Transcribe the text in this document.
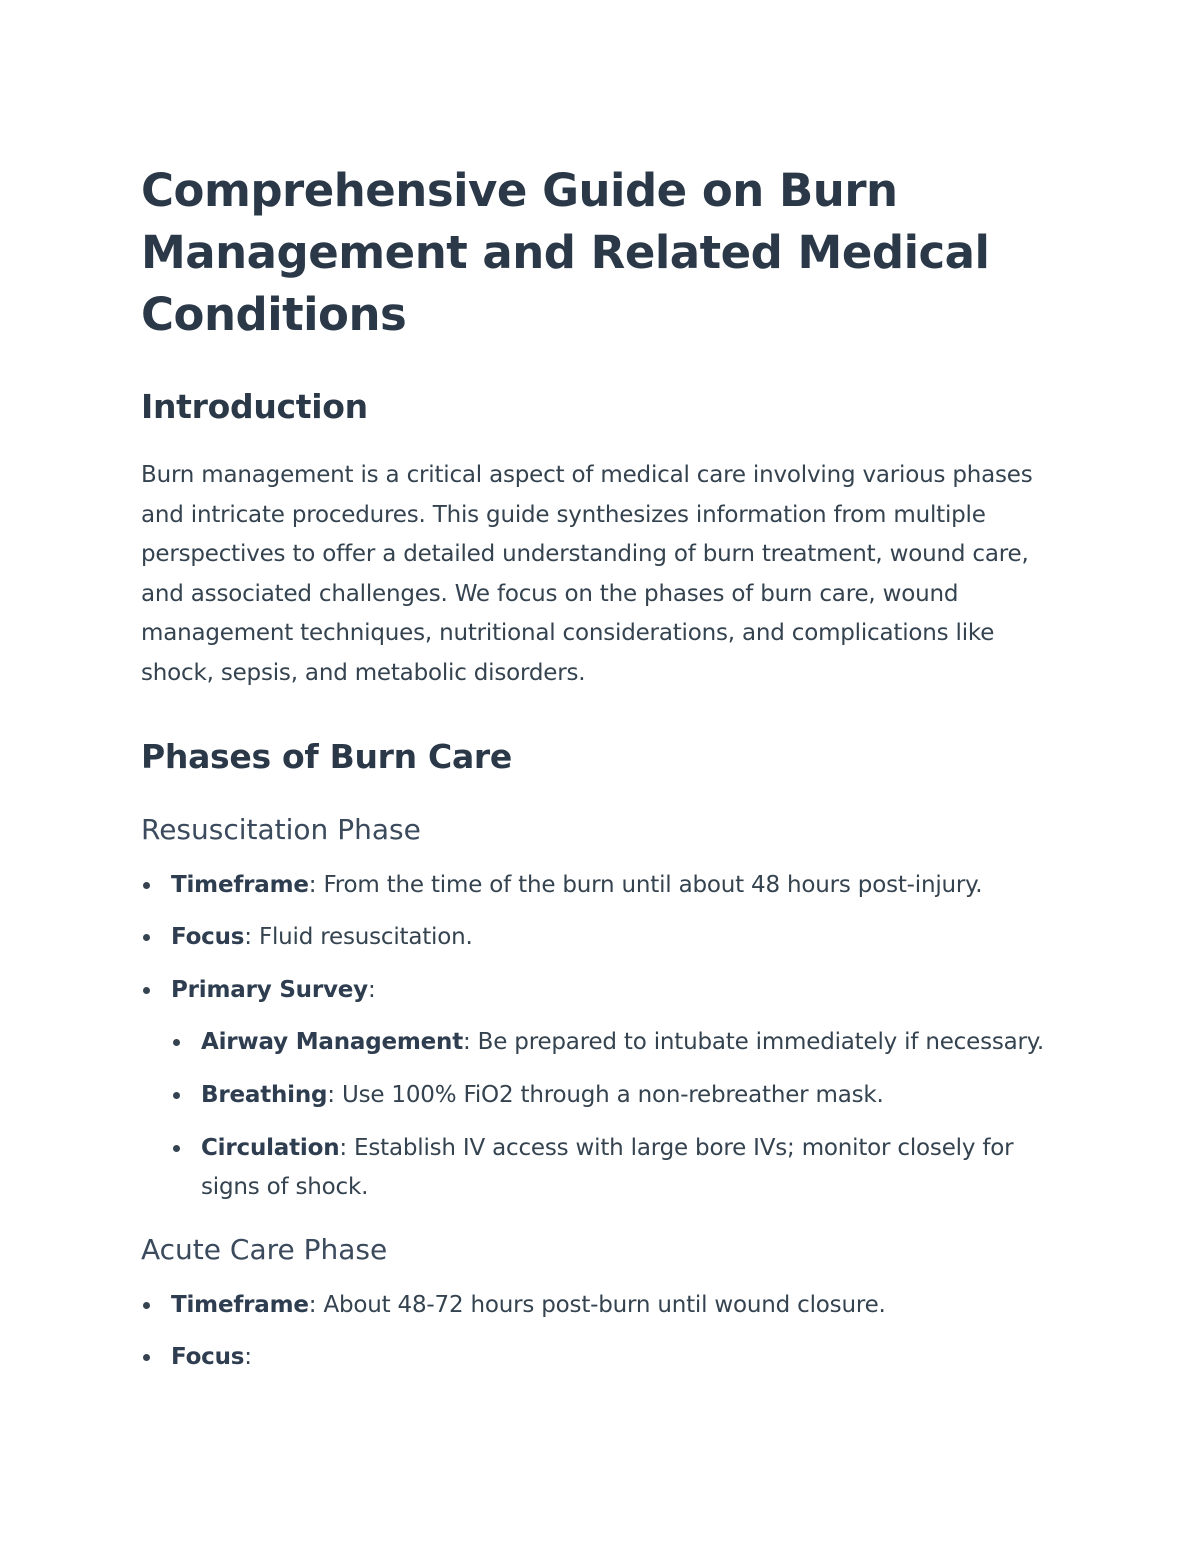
Comprehensive Guide on Burn Management and Related Medical Conditions
Introduction

Burn management is a critical aspect of medical care involving various phases and intricate procedures. This guide synthesizes information from multiple perspectives to offer a detailed understanding of burn treatment, wound care, and associated challenges. We focus on the phases of burn care, wound management techniques, nutritional considerations, and complications like shock, sepsis, and metabolic disorders.

Phases of Burn Care
Resuscitation Phase
Timeframe: From the time of the burn until about 48 hours post-injury.
Focus: Fluid resuscitation.
Primary Survey:
Airway Management: Be prepared to intubate immediately if necessary.
Breathing: Use 100% FiO2 through a non-rebreather mask.
Circulation: Establish IV access with large bore IVs; monitor closely for signs of shock.
Acute Care Phase
Timeframe: About 48-72 hours post-burn until wound closure.
Focus:
